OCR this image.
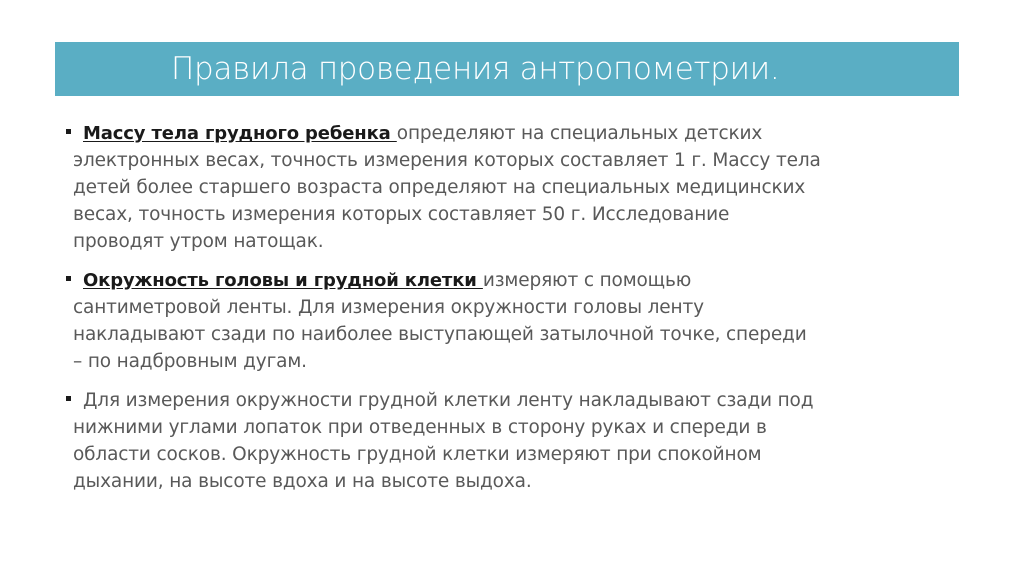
Правила проведения антропометрии.
Массу тела грудного ребенка определяют на специальных детских
электронных весах, точность измерения которых составляет 1 г. Массу тела
детей более старшего возраста определяют на специальных медицинских
весах, точность измерения которых составляет 50 г. Исследование
проводят утром натощак.
Окружность головы и грудной клетки измеряют с помощью
сантиметровой ленты. Для измерения окружности головы ленту
накладывают сзади по наиболее выступающей затылочной точке, спереди
– по надбровным дугам.
Для измерения окружности грудной клетки ленту накладывают сзади под
нижними углами лопаток при отведенных в сторону руках и спереди в
области сосков. Окружность грудной клетки измеряют при спокойном
дыхании, на высоте вдоха и на высоте выдоха.
